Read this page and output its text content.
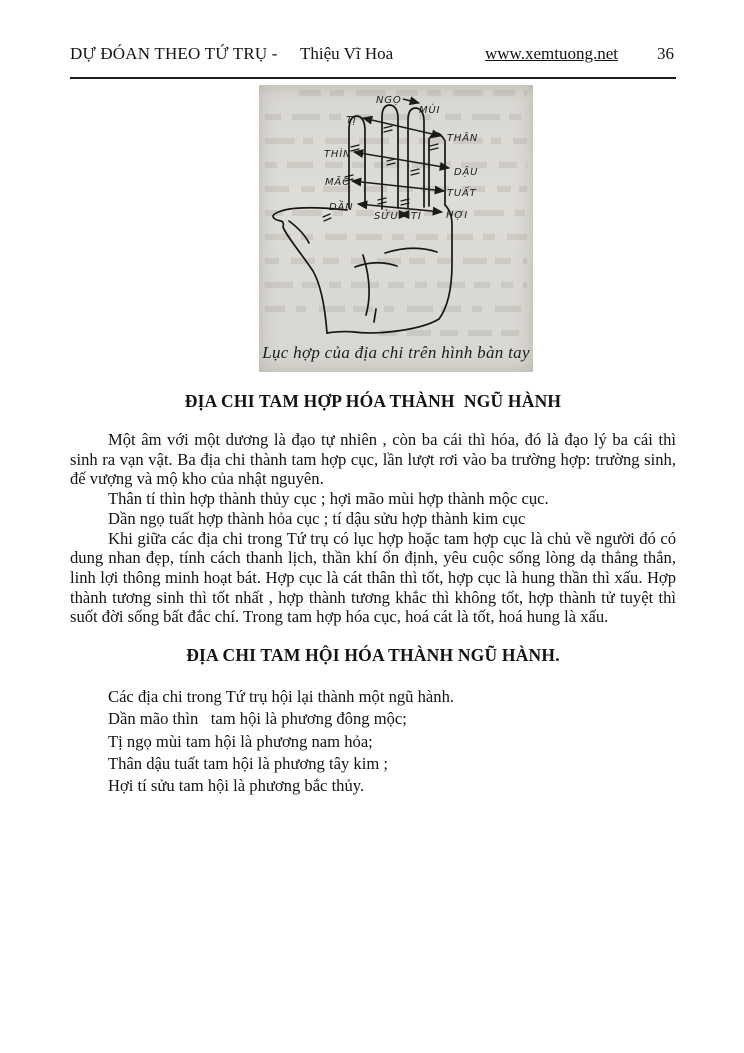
DỰ ĐÓAN THEO TỨ TRỤ - Thiệu Vĩ Hoa	www.xemtuong.net 36
NGỌ
MÙI
TỊ
THÂN
THÌN
DẬU
MÃO
TUẤT
DẦN
SỬU TÍ HỢI
Lục hợp của địa chi trên hình bàn tay
ĐỊA CHI TAM HỢP HÓA THÀNH  NGŨ HÀNH

Một âm với một dương là đạo tự nhiên , còn ba cái thì hóa, đó là đạo lý ba cái thì sinh ra vạn vật. Ba địa chi thành tam hợp cục, lần lượt rơi vào ba trường hợp: trường sinh, đế vượng và mộ kho của nhật nguyên.

Thân tí thìn hợp thành thủy cục ; hợi mão mùi hợp thành mộc cục.

Dần ngọ tuất hợp thành hỏa cục ; tí dậu sửu hợp thành kim cục

Khi giữa các địa chi trong Tứ trụ có lục hợp hoặc tam hợp cục là chủ về người đó có dung nhan đẹp, tính cách thanh lịch, thần khí ổn định, yêu cuộc sống lòng dạ thẳng thắn, linh lợi thông minh hoạt bát. Hợp cục là cát thân thì tốt, hợp cục là hung thần thì xấu. Hợp thành tương sinh thì tốt nhất , hợp thành tương khắc thì không tốt, hợp thành tử tuyệt thì suốt đời sống bất đắc chí. Trong tam hợp hóa cục, hoá cát là tốt, hoá hung là xấu.

ĐỊA CHI TAM HỘI HÓA THÀNH NGŨ HÀNH.
Các địa chi trong Tứ trụ hội lại thành một ngũ hành.
Dần mão thìn   tam hội là phương đông mộc;
Tị ngọ mùi tam hội là phương nam hỏa;
Thân dậu tuất tam hội là phương tây kim ;
Hợi tí sửu tam hội là phương bắc thủy.
